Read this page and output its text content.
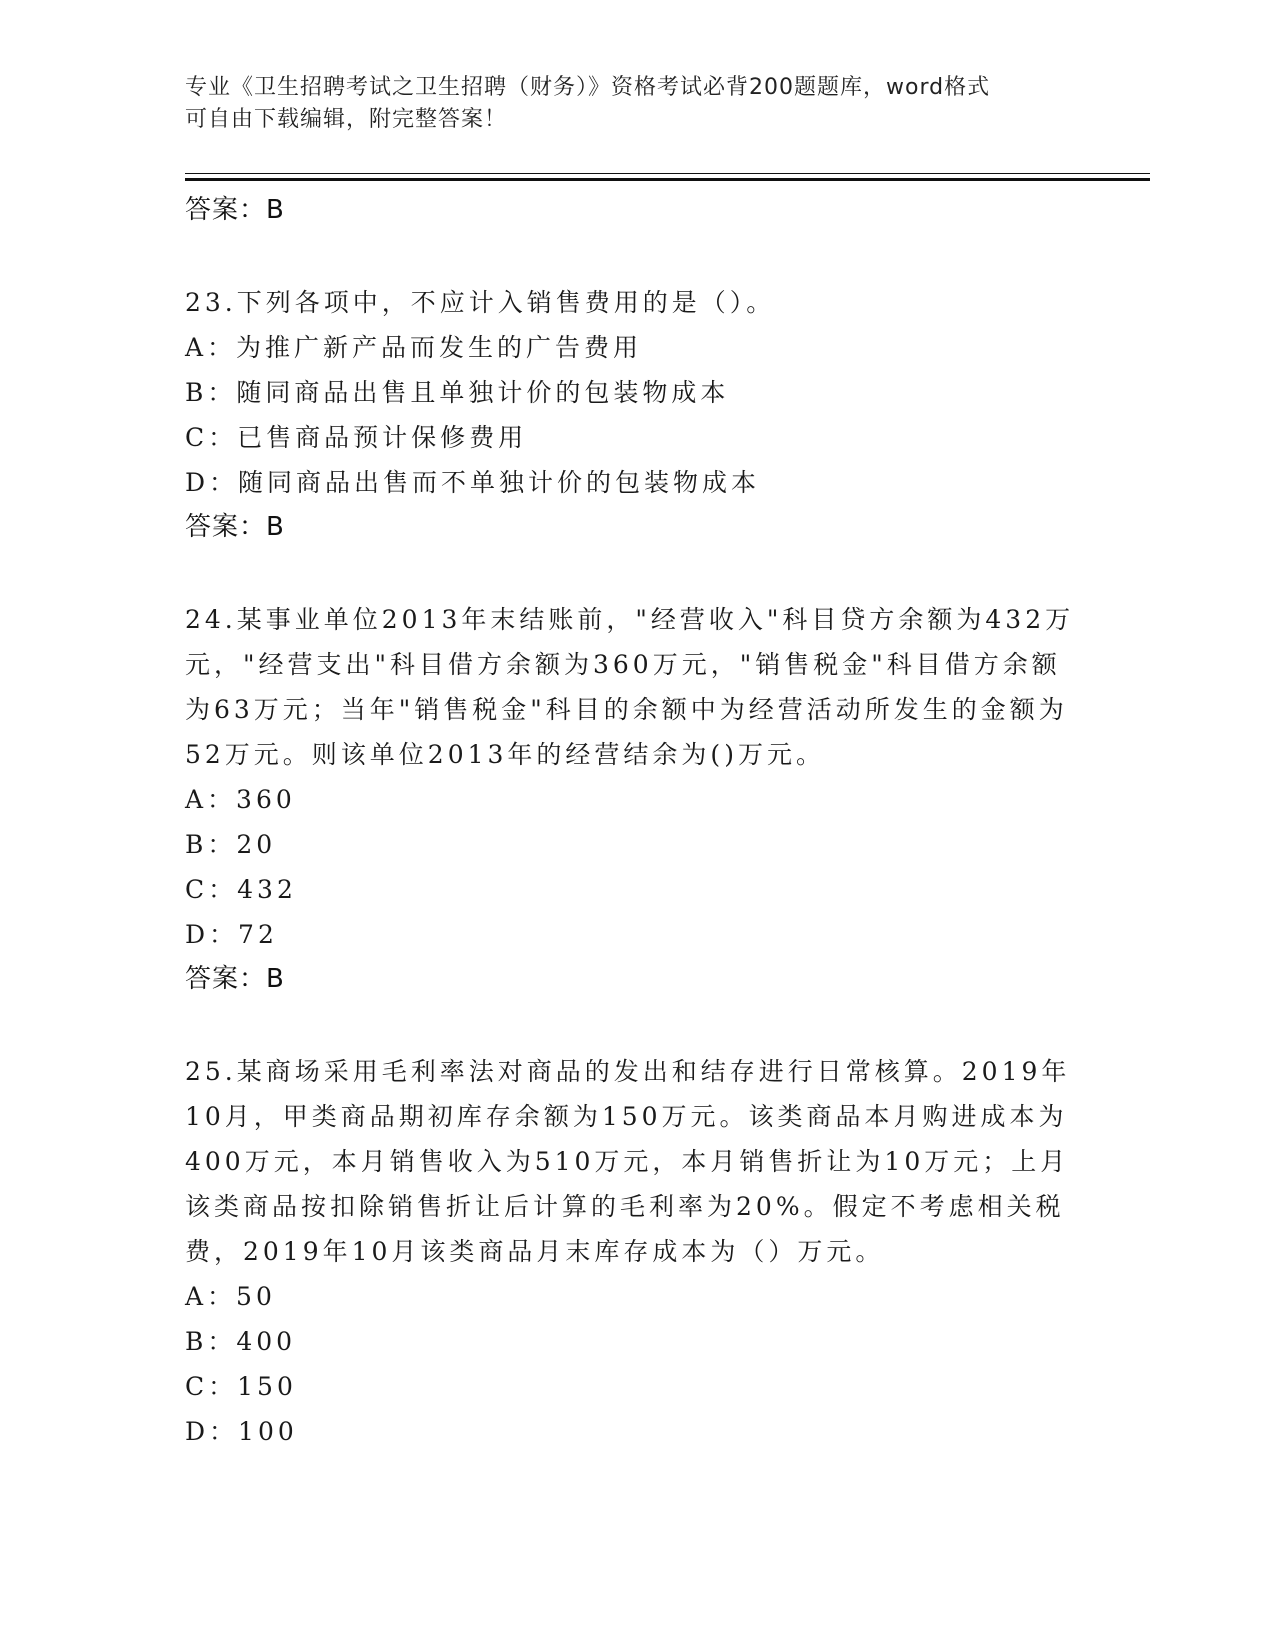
专业《卫生招聘考试之卫生招聘（财务）》资格考试必背200题题库，word格式
可自由下载编辑，附完整答案！
答案：B
23.下列各项中，不应计入销售费用的是（）。
A：为推广新产品而发生的广告费用
B：随同商品出售且单独计价的包装物成本
C：已售商品预计保修费用
D：随同商品出售而不单独计价的包装物成本
答案：B
24.某事业单位2013年末结账前，"经营收入"科目贷方余额为432万
元，"经营支出"科目借方余额为360万元，"销售税金"科目借方余额
为63万元；当年"销售税金"科目的余额中为经营活动所发生的金额为
52万元。则该单位2013年的经营结余为()万元。
A：360
B：20
C：432
D：72
答案：B
25.某商场采用毛利率法对商品的发出和结存进行日常核算。2019年
10月，甲类商品期初库存余额为150万元。该类商品本月购进成本为
400万元，本月销售收入为510万元，本月销售折让为10万元；上月
该类商品按扣除销售折让后计算的毛利率为20%。假定不考虑相关税
费，2019年10月该类商品月末库存成本为（）万元。
A：50
B：400
C：150
D：100
